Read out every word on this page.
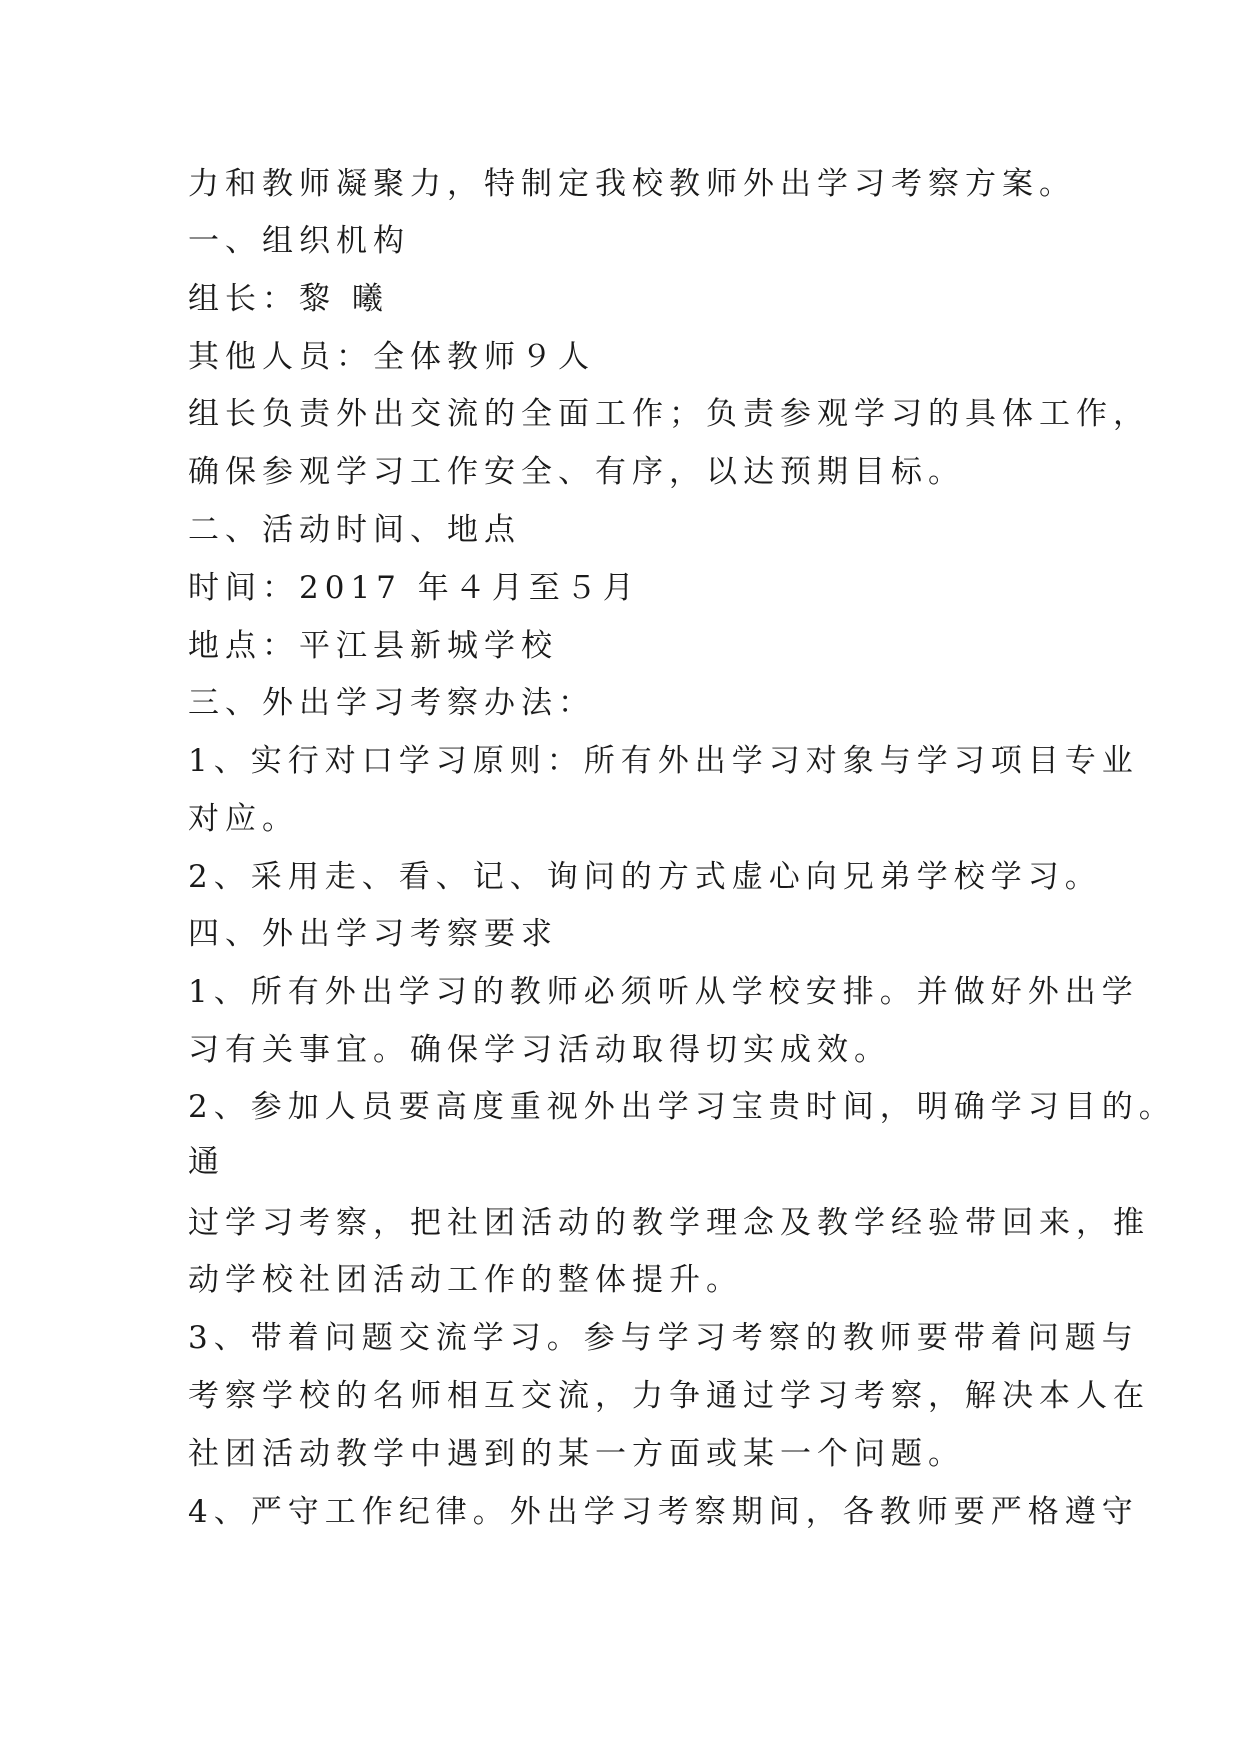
力和教师凝聚力，特制定我校教师外出学习考察方案。
一、组织机构
组长：黎 曦
其他人员：全体教师９人
组长负责外出交流的全面工作；负责参观学习的具体工作，
确保参观学习工作安全、有序，以达预期目标。
二、活动时间、地点
时间：2017 年４月至５月
地点：平江县新城学校
三、外出学习考察办法：
1、实行对口学习原则：所有外出学习对象与学习项目专业
对应。
2、采用走、看、记、询问的方式虚心向兄弟学校学习。
四、外出学习考察要求
1、所有外出学习的教师必须听从学校安排。并做好外出学
习有关事宜。确保学习活动取得切实成效。
2、参加人员要高度重视外出学习宝贵时间，明确学习目的。
通
过学习考察，把社团活动的教学理念及教学经验带回来，推
动学校社团活动工作的整体提升。
3、带着问题交流学习。参与学习考察的教师要带着问题与
考察学校的名师相互交流，力争通过学习考察，解决本人在
社团活动教学中遇到的某一方面或某一个问题。
4、严守工作纪律。外出学习考察期间，各教师要严格遵守
